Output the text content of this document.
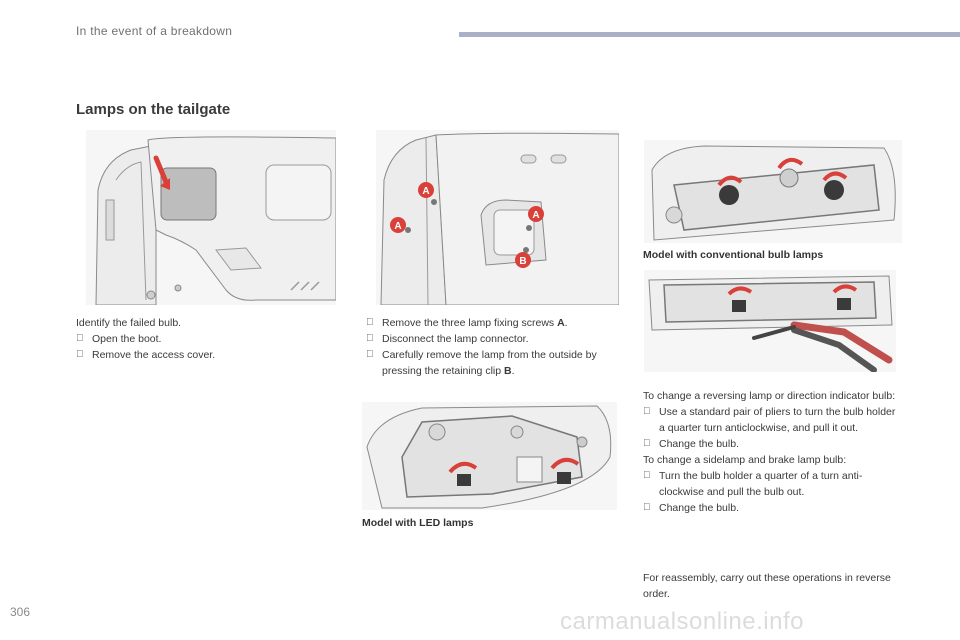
In the event of a breakdown
Lamps on the tailgate
A
A
A
B
Model with conventional bulb lamps

Identify the failed bulb.

Open the boot.
Remove the access cover.
Remove the three lamp fixing screws A.
Disconnect the lamp connector.
Carefully remove the lamp from the outside by pressing the retaining clip B.
Model with LED lamps

To change a reversing lamp or direction indicator bulb:

Use a standard pair of pliers to turn the bulb holder a quarter turn anticlockwise, and pull it out.
Change the bulb.

To change a sidelamp and brake lamp bulb:

Turn the bulb holder a quarter of a turn anti-clockwise and pull the bulb out.
Change the bulb.
For reassembly, carry out these operations in reverse order.
306	carmanualsonline.info
